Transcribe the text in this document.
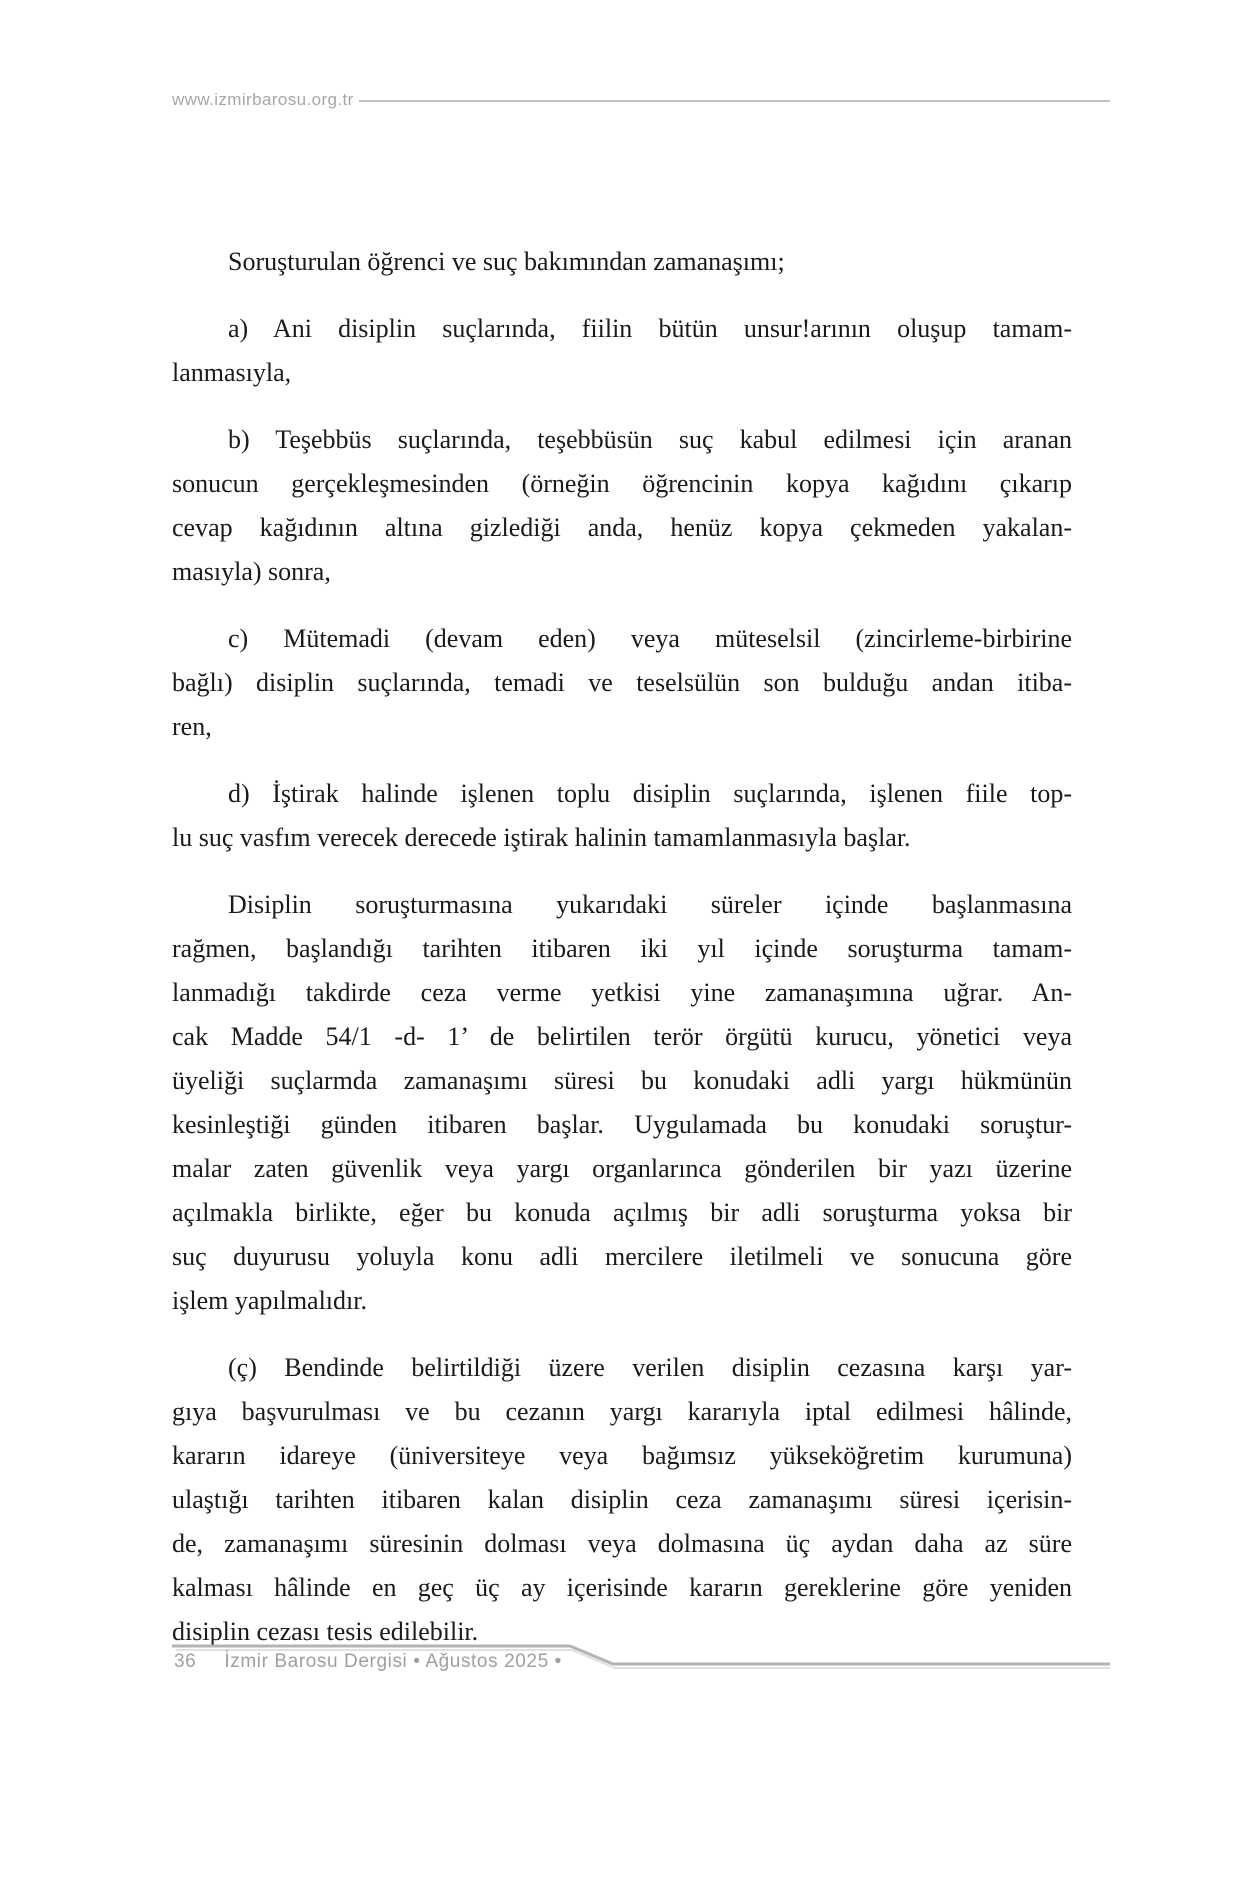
www.izmirbarosu.org.tr
Soruşturulan öğrenci ve suç bakımından zamanaşımı;
a) Ani disiplin suçlarında, fiilin bütün unsur!arının oluşup tamam-
lanmasıyla,
b) Teşebbüs suçlarında, teşebbüsün suç kabul edilmesi için aranan
sonucun gerçekleşmesinden (örneğin öğrencinin kopya kağıdını çıkarıp
cevap kağıdının altına gizlediği anda, henüz kopya çekmeden yakalan-
masıyla) sonra,
c) Mütemadi (devam eden) veya müteselsil (zincirleme-birbirine
bağlı) disiplin suçlarında, temadi ve teselsülün son bulduğu andan itiba-
ren,
d) İştirak halinde işlenen toplu disiplin suçlarında, işlenen fiile top-
lu suç vasfım verecek derecede iştirak halinin tamamlanmasıyla başlar.
Disiplin soruşturmasına yukarıdaki süreler içinde başlanmasına
rağmen, başlandığı tarihten itibaren iki yıl içinde soruşturma tamam-
lanmadığı takdirde ceza verme yetkisi yine zamanaşımına uğrar. An-
cak Madde 54/1 -d- 1’ de belirtilen terör örgütü kurucu, yönetici veya
üyeliği suçlarmda zamanaşımı süresi bu konudaki adli yargı hükmünün
kesinleştiği günden itibaren başlar. Uygulamada bu konudaki soruştur-
malar zaten güvenlik veya yargı organlarınca gönderilen bir yazı üzerine
açılmakla birlikte, eğer bu konuda açılmış bir adli soruşturma yoksa bir
suç duyurusu yoluyla konu adli mercilere iletilmeli ve sonucuna göre
işlem yapılmalıdır.
(ç) Bendinde belirtildiği üzere verilen disiplin cezasına karşı yar-
gıya başvurulması ve bu cezanın yargı kararıyla iptal edilmesi hâlinde,
kararın idareye (üniversiteye veya bağımsız yükseköğretim kurumuna)
ulaştığı tarihten itibaren kalan disiplin ceza zamanaşımı süresi içerisin-
de, zamanaşımı süresinin dolması veya dolmasına üç aydan daha az süre
kalması hâlinde en geç üç ay içerisinde kararın gereklerine göre yeniden
disiplin cezası tesis edilebilir.
36 İzmir Barosu Dergisi • Ağustos 2025 •
